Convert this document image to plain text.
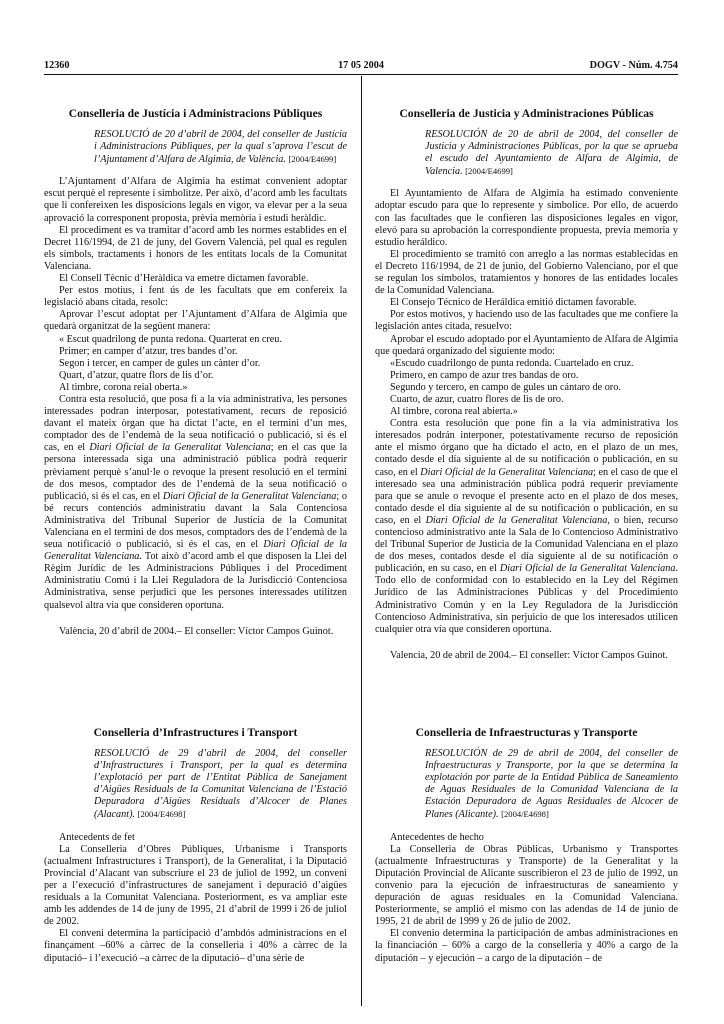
12360	17 05 2004	DOGV - Núm. 4.754

Conselleria de Justícia i Administracions Públiques

RESOLUCIÓ de 20 d’abril de 2004, del conseller de Justícia i Administracions Públiques, per la qual s’aprova l’escut de l’Ajuntament d’Alfara de Algimia, de València. [2004/E4699]

L’Ajuntament d’Alfara de Algimia ha estimat convenient adoptar escut perquè el represente i simbolitze. Per això, d’acord amb les facultats que li confereixen les disposicions legals en vigor, va elevar per a la seua aprovació la corresponent proposta, prèvia memòria i estudi heràldic.

El procediment es va tramitar d’acord amb les normes establides en el Decret 116/1994, de 21 de juny, del Govern Valencià, pel qual es regulen els símbols, tractaments i honors de les entitats locals de la Comunitat Valenciana.

El Consell Tècnic d’Heràldica va emetre dictamen favorable.

Per estos motius, i fent ús de les facultats que em confereix la legislació abans citada, resolc:

Aprovar l’escut adoptat per l’Ajuntament d’Alfara de Algimia que quedarà organitzat de la següent manera:

« Escut quadrilong de punta redona. Quarterat en creu.

Primer; en camper d’atzur, tres bandes d’or.

Segon i tercer, en camper de gules un cànter d’or.

Quart, d’atzur, quatre flors de lis d’or.

Al timbre, corona reial oberta.»

Contra esta resolució, que posa fi a la via administrativa, les persones interessades podran interposar, potestativament, recurs de reposició davant el mateix òrgan que ha dictat l’acte, en el termini d’un mes, comptador des de l’endemà de la seua notificació o publicació, si és el cas, en el Diari Oficial de la Generalitat Valenciana; en el cas que la persona interessada siga una administració pública podrà requerir prèviament perquè s’anul·le o revoque la present resolució en el termini de dos mesos, comptador des de l’endemà de la seua notificació o publicació, si és el cas, en el Diari Oficial de la Generalitat Valenciana; o bé recurs contenciós administratiu davant la Sala Contenciosa Administrativa del Tribunal Superior de Justícia de la Comunitat Valenciana en el termini de dos mesos, comptadors des de l’endemà de la seua notificació o publicació, si és el cas, en el Diari Oficial de la Generalitat Valenciana. Tot això d’acord amb el que disposen la Llei del Règim Jurídic de les Administracions Públiques i del Procediment Administratiu Comú i la Llei Reguladora de la Jurisdicció Contenciosa Administrativa, sense perjudici que les persones interessades utilitzen qualsevol altra via que consideren oportuna.

València, 20 d’abril de 2004.– El conseller: Víctor Campos Guinot.

Conselleria de Justicia y Administraciones Públicas

RESOLUCIÓN de 20 de abril de 2004, del conseller de Justicia y Administraciones Públicas, por la que se aprueba el escudo del Ayuntamiento de Alfara de Algimia, de Valencia. [2004/E4699]

El Ayuntamiento de Alfara de Algimia ha estimado conveniente adoptar escudo para que lo represente y simbolice. Por ello, de acuerdo con las facultades que le confieren las disposiciones legales en vigor, elevó para su aprobación la correspondiente propuesta, previa memoria y estudio heráldico.

El procedimiento se tramitó con arreglo a las normas establecidas en el Decreto 116/1994, de 21 de junio, del Gobierno Valenciano, por el que se regulan los símbolos, tratamientos y honores de las entidades locales de la Comunidad Valenciana.

El Consejo Técnico de Heráldica emitió dictamen favorable.

Por estos motivos, y haciendo uso de las facultades que me confiere la legislación antes citada, resuelvo:

Aprobar el escudo adoptado por el Ayuntamiento de Alfara de Algimia que quedará organizado del siguiente modo:

«Escudo cuadrilongo de punta redonda. Cuartelado en cruz.

Primero, en campo de azur tres bandas de oro.

Segundo y tercero, en campo de gules un cántaro de oro.

Cuarto, de azur, cuatro flores de lis de oro.

Al timbre, corona real abierta.»

Contra esta resolución que pone fin a la vía administrativa los interesados podrán interponer, potestativamente recurso de reposición ante el mismo órgano que ha dictado el acto, en el plazo de un mes, contado desde el día siguiente al de su notificación o publicación, en su caso, en el Diari Oficial de la Generalitat Valenciana; en el caso de que el interesado sea una administración pública podrá requerir previamente para que se anule o revoque el presente acto en el plazo de dos meses, contado desde el día siguiente al de su notificación o publicación, en su caso, en el Diari Oficial de la Generalitat Valenciana, o bien, recurso contencioso administrativo ante la Sala de lo Contencioso Administrativo del Tribunal Superior de Justicia de la Comunidad Valenciana en el plazo de dos meses, contados desde el día siguiente al de su notificación o publicación, en su caso, en el Diari Oficial de la Generalitat Valenciana. Todo ello de conformidad con lo establecido en la Ley del Régimen Jurídico de las Administraciones Públicas y del Procedimiento Administrativo Común y en la Ley Reguladora de la Jurisdicción Contencioso Administrativa, sin perjuicio de que los interesados utilicen cualquier otra vía que consideren oportuna.

Valencia, 20 de abril de 2004.– El conseller: Víctor Campos Guinot.

Conselleria d’Infrastructures i Transport

RESOLUCIÓ de 29 d’abril de 2004, del conseller d’Infrastructures i Transport, per la qual es determina l’explotació per part de l’Entitat Pública de Sanejament d’Aigües Residuals de la Comunitat Valenciana de l’Estació Depuradora d’Aigües Residuals d’Alcocer de Planes (Alacant). [2004/E4698]

Antecedents de fet

La Conselleria d’Obres Públiques, Urbanisme i Transports (actualment Infrastructures i Transport), de la Generalitat, i la Diputació Provincial d’Alacant van subscriure el 23 de juliol de 1992, un conveni per a l’execució d’infrastructures de sanejament i depuració d’aigües residuals a la Comunitat Valenciana. Posteriorment, es va ampliar este amb les addendes de 14 de juny de 1995, 21 d’abril de 1999 i 26 de juliol de 2002.

El conveni determina la participació d’ambdós administracions en el finançament –60% a càrrec de la conselleria i 40% a càrrec de la diputació– i l’execució –a càrrec de la diputació– d’una sèrie de

Conselleria de Infraestructuras y Transporte

RESOLUCIÓN de 29 de abril de 2004, del conseller de Infraestructuras y Transporte, por la que se determina la explotación por parte de la Entidad Pública de Saneamiento de Aguas Residuales de la Comunidad Valenciana de la Estación Depuradora de Aguas Residuales de Alcocer de Planes (Alicante). [2004/E4698]

Antecedentes de hecho

La Conselleria de Obras Públicas, Urbanismo y Transportes (actualmente Infraestructuras y Transporte) de la Generalitat y la Diputación Provincial de Alicante suscribieron el 23 de julio de 1992, un convenio para la ejecución de infraestructuras de saneamiento y depuración de aguas residuales en la Comunidad Valenciana. Posteriormente, se amplió el mismo con las adendas de 14 de junio de 1995, 21 de abril de 1999 y 26 de julio de 2002.

El convenio determina la participación de ambas administraciones en la financiación – 60% a cargo de la conselleria y 40% a cargo de la diputación – y ejecución – a cargo de la diputación – de
